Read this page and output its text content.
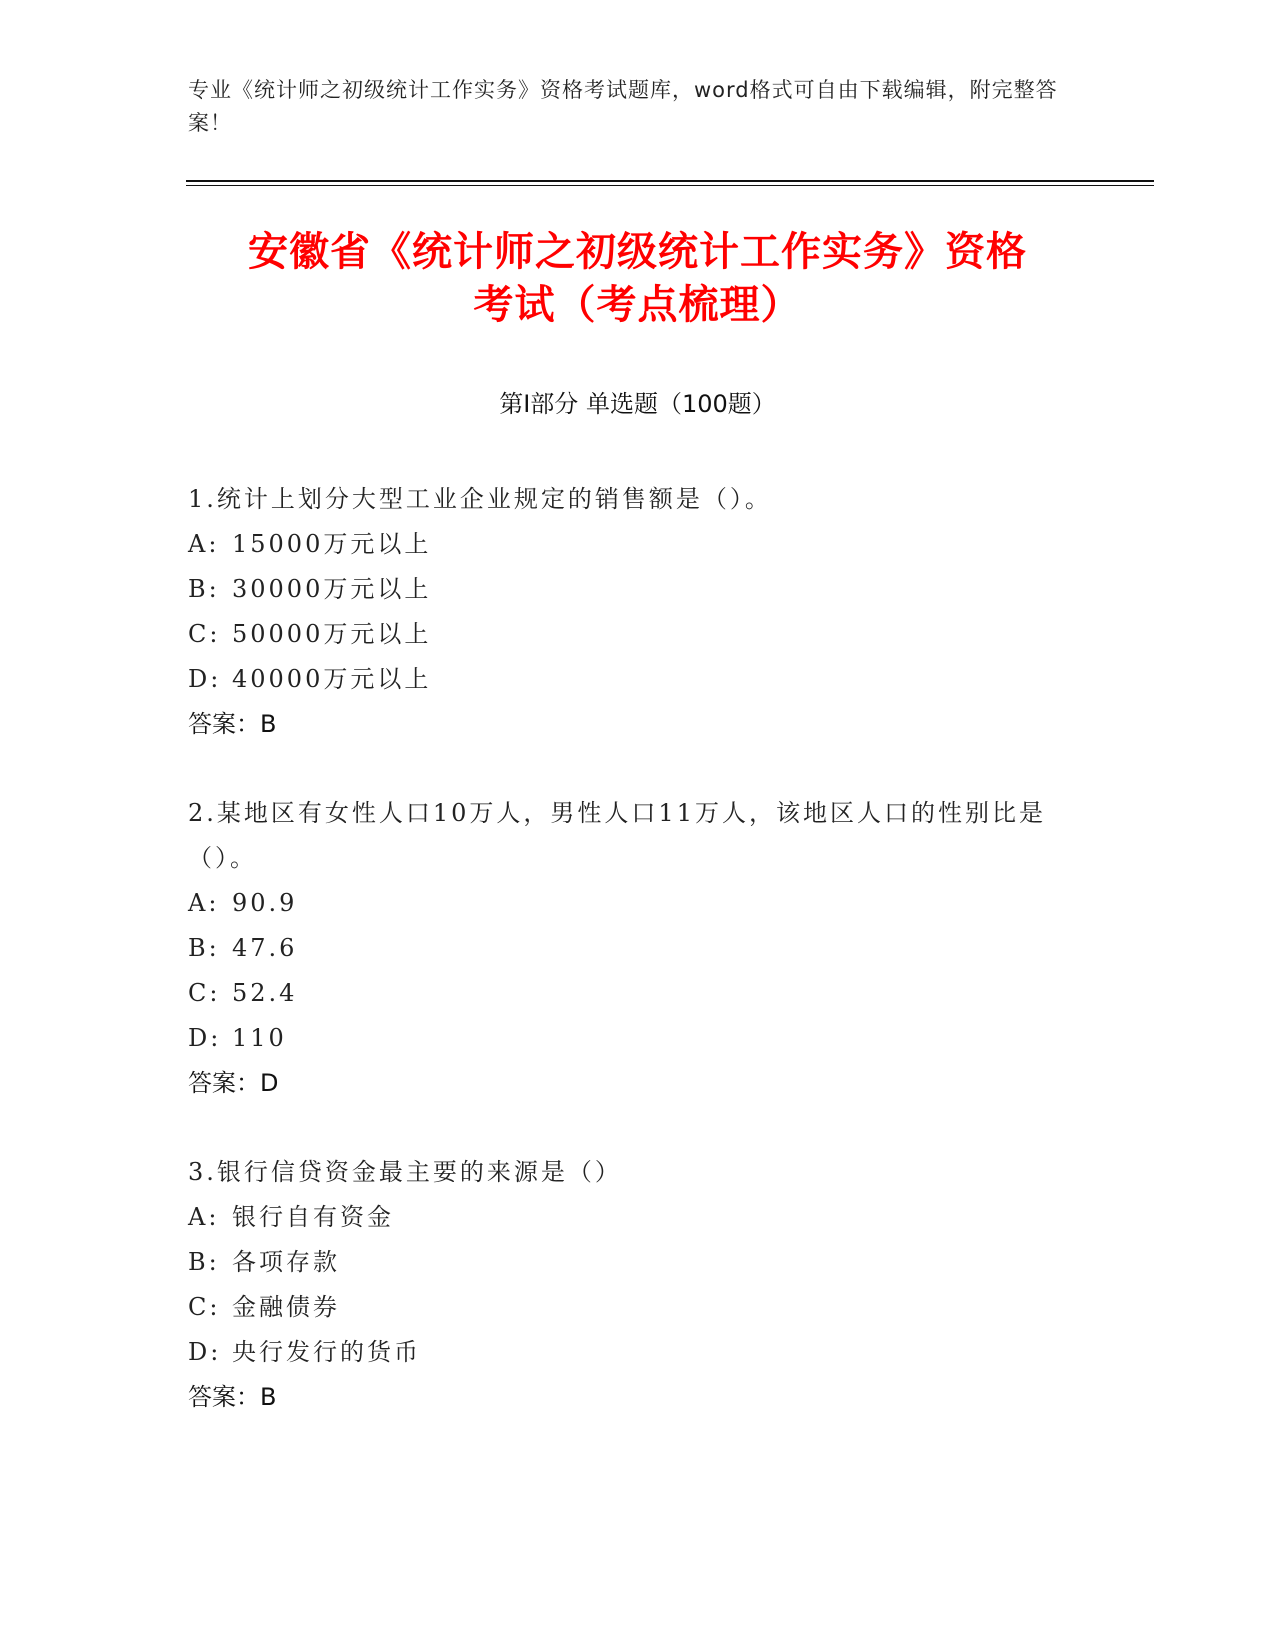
专业《统计师之初级统计工作实务》资格考试题库，word格式可自由下载编辑，附完整答案！
安徽省《统计师之初级统计工作实务》资格
考试（考点梳理）
第I部分 单选题（100题）

1.统计上划分大型工业企业规定的销售额是（）。

A: 15000万元以上

B: 30000万元以上

C: 50000万元以上

D: 40000万元以上

答案：B

2.某地区有女性人口10万人，男性人口11万人，该地区人口的性别比是（）。

A: 90.9

B: 47.6

C: 52.4

D: 110

答案：D

3.银行信贷资金最主要的来源是（）

A: 银行自有资金

B: 各项存款

C: 金融债券

D: 央行发行的货币

答案：B
